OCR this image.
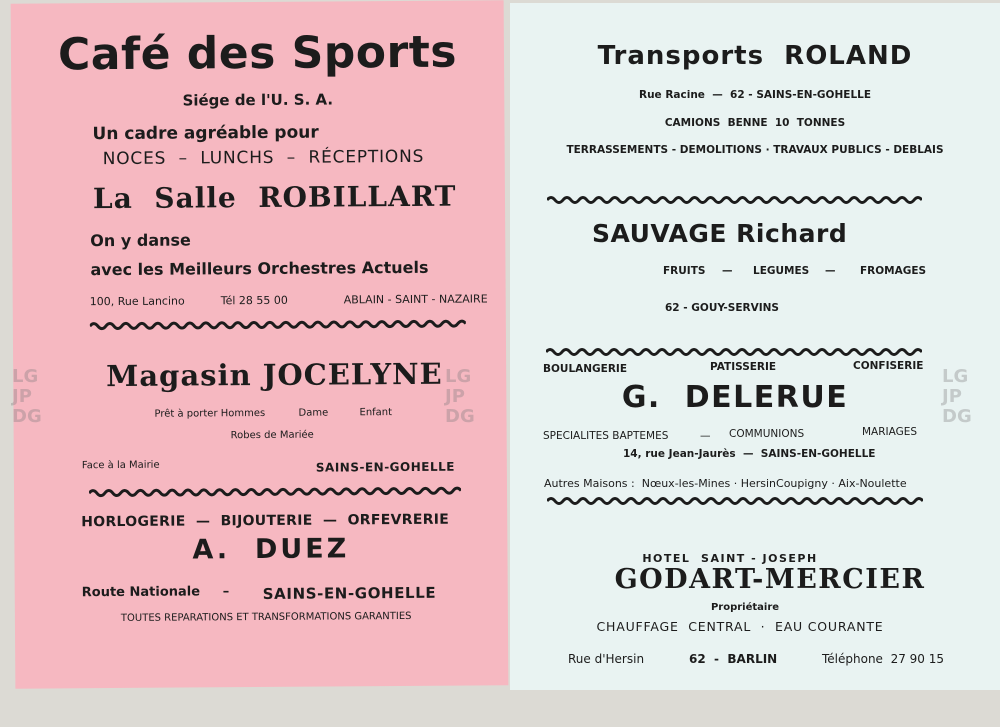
Café des Sports
Siége de l'U. S. A.
Un cadre agréable pour
NOCES  –  LUNCHS  –  RÉCEPTIONS
La  Salle  ROBILLART
On y danse
avec les Meilleurs Orchestres Actuels
100, Rue Lancino	Tél 28 55 00	ABLAIN - SAINT - NAZAIRE
Magasin JOCELYNE
Prêt à porter Hommes	Dame	Enfant
Robes de Mariée
Face à la Mairie	SAINS-EN-GOHELLE
HORLOGERIE  —  BIJOUTERIE  —  ORFEVRERIE
A.  DUEZ
Route Nationale – SAINS-EN-GOHELLE
TOUTES REPARATIONS ET TRANSFORMATIONS GARANTIES
Transports  ROLAND
Rue Racine  —  62 - SAINS-EN-GOHELLE
CAMIONS  BENNE  10  TONNES
TERRASSEMENTS - DEMOLITIONS · TRAVAUX PUBLICS - DEBLAIS
SAUVAGE Richard
FRUITS — LEGUMES — FROMAGES
62 - GOUY-SERVINS
BOULANGERIE	PATISSERIE	CONFISERIE
G.  DELERUE
SPECIALITES BAPTEMES	— COMMUNIONS	MARIAGES
14, rue Jean-Jaurès  —  SAINS-EN-GOHELLE
Autres Maisons :  Nœux-les-Mines · HersinCoupigny · Aix-Noulette
HOTEL  SAINT - JOSEPH
GODART-MERCIER
Propriétaire
CHAUFFAGE  CENTRAL  ·  EAU COURANTE
Rue d'Hersin	62  -  BARLIN	Téléphone  27 90 15
LG
JP
DG
LG
JP
DG
LG
JP
DG
